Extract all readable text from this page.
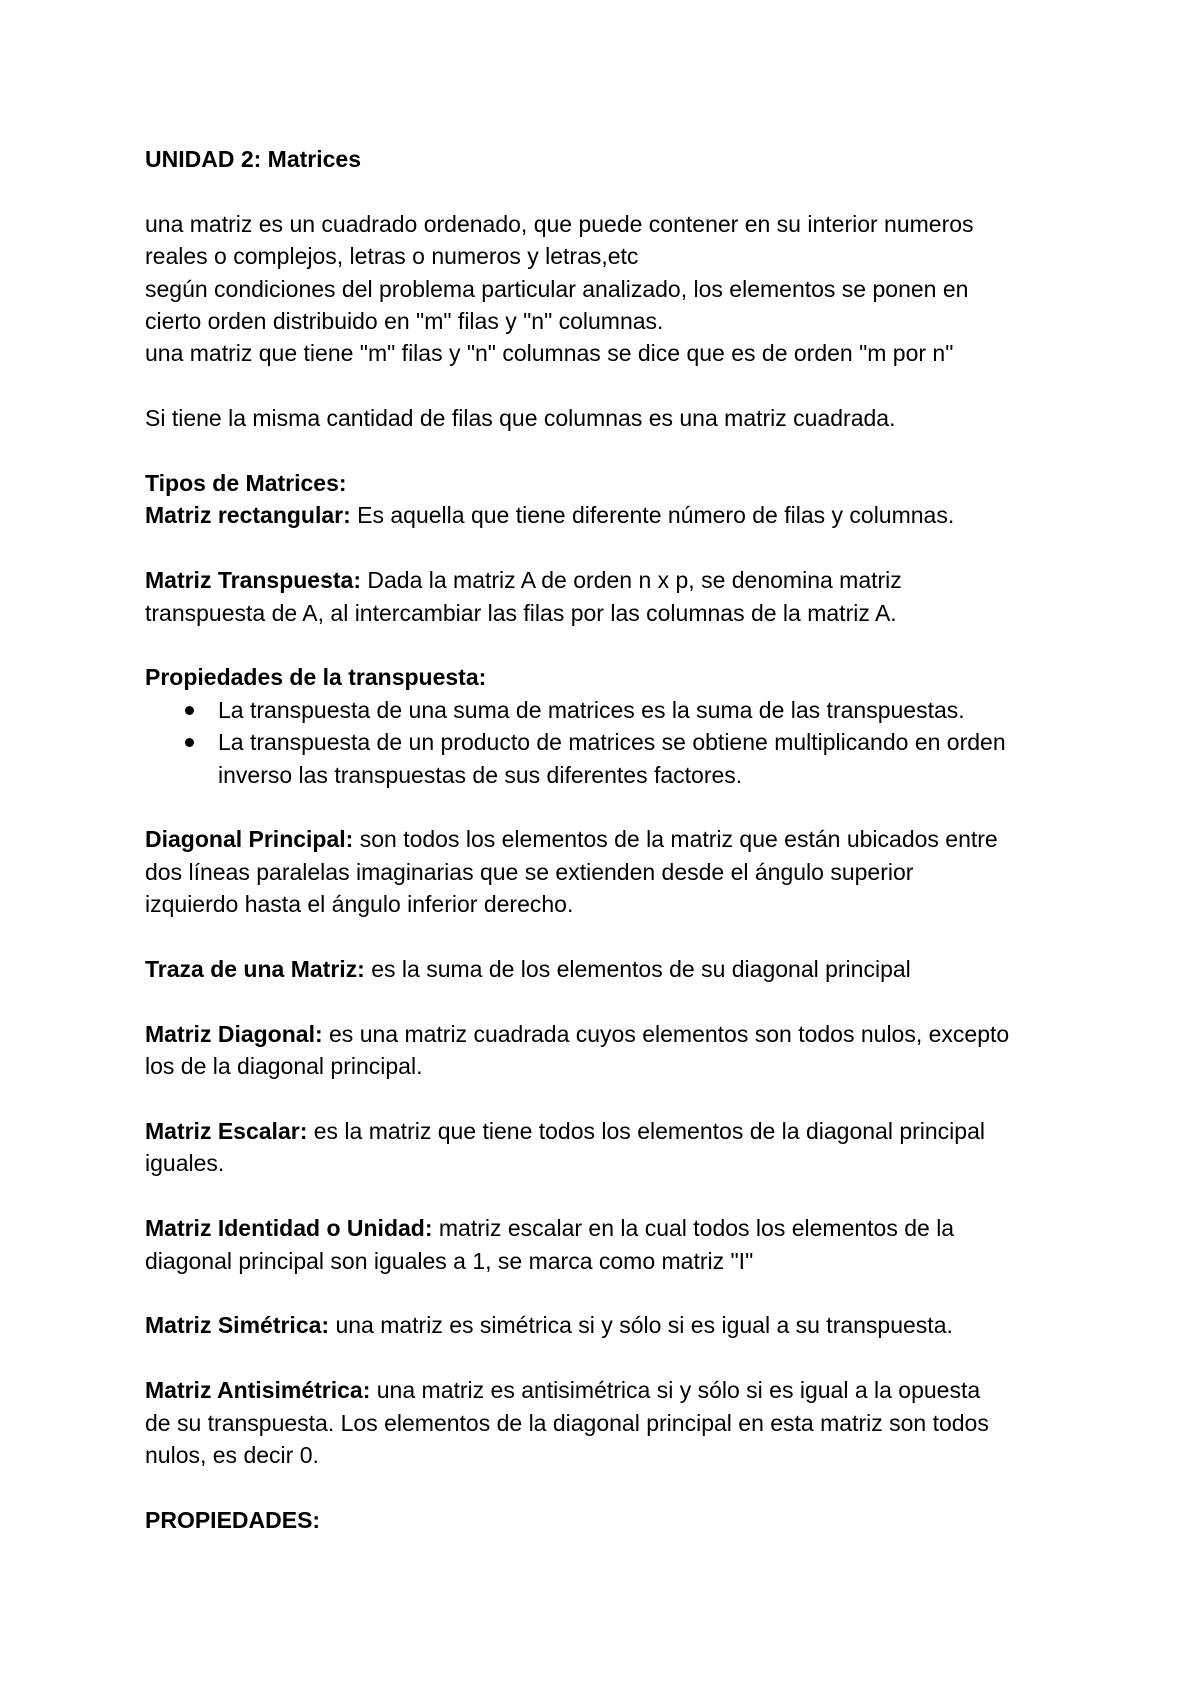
UNIDAD 2: Matrices

una matriz es un cuadrado ordenado, que puede contener en su interior numeros

reales o complejos, letras o numeros y letras,etc

según condiciones del problema particular analizado, los elementos se ponen en

cierto orden distribuido en "m" filas y "n" columnas.

una matriz que tiene "m" filas y "n" columnas se dice que es de orden "m por n"

Si tiene la misma cantidad de filas que columnas es una matriz cuadrada.

Tipos de Matrices:

Matriz rectangular: Es aquella que tiene diferente número de filas y columnas.

Matriz Transpuesta: Dada la matriz A de orden n x p, se denomina matriz

transpuesta de A, al intercambiar las filas por las columnas de la matriz A.

Propiedades de la transpuesta:

La transpuesta de una suma de matrices es la suma de las transpuestas.
La transpuesta de un producto de matrices se obtiene multiplicando en orden
inverso las transpuestas de sus diferentes factores.

Diagonal Principal: son todos los elementos de la matriz que están ubicados entre

dos líneas paralelas imaginarias que se extienden desde el ángulo superior

izquierdo hasta el ángulo inferior derecho.

Traza de una Matriz: es la suma de los elementos de su diagonal principal

Matriz Diagonal: es una matriz cuadrada cuyos elementos son todos nulos, excepto

los de la diagonal principal.

Matriz Escalar: es la matriz que tiene todos los elementos de la diagonal principal

iguales.

Matriz Identidad o Unidad: matriz escalar en la cual todos los elementos de la

diagonal principal son iguales a 1, se marca como matriz "I"

Matriz Simétrica: una matriz es simétrica si y sólo si es igual a su transpuesta.

Matriz Antisimétrica: una matriz es antisimétrica si y sólo si es igual a la opuesta

de su transpuesta. Los elementos de la diagonal principal en esta matriz son todos

nulos, es decir 0.

PROPIEDADES:
